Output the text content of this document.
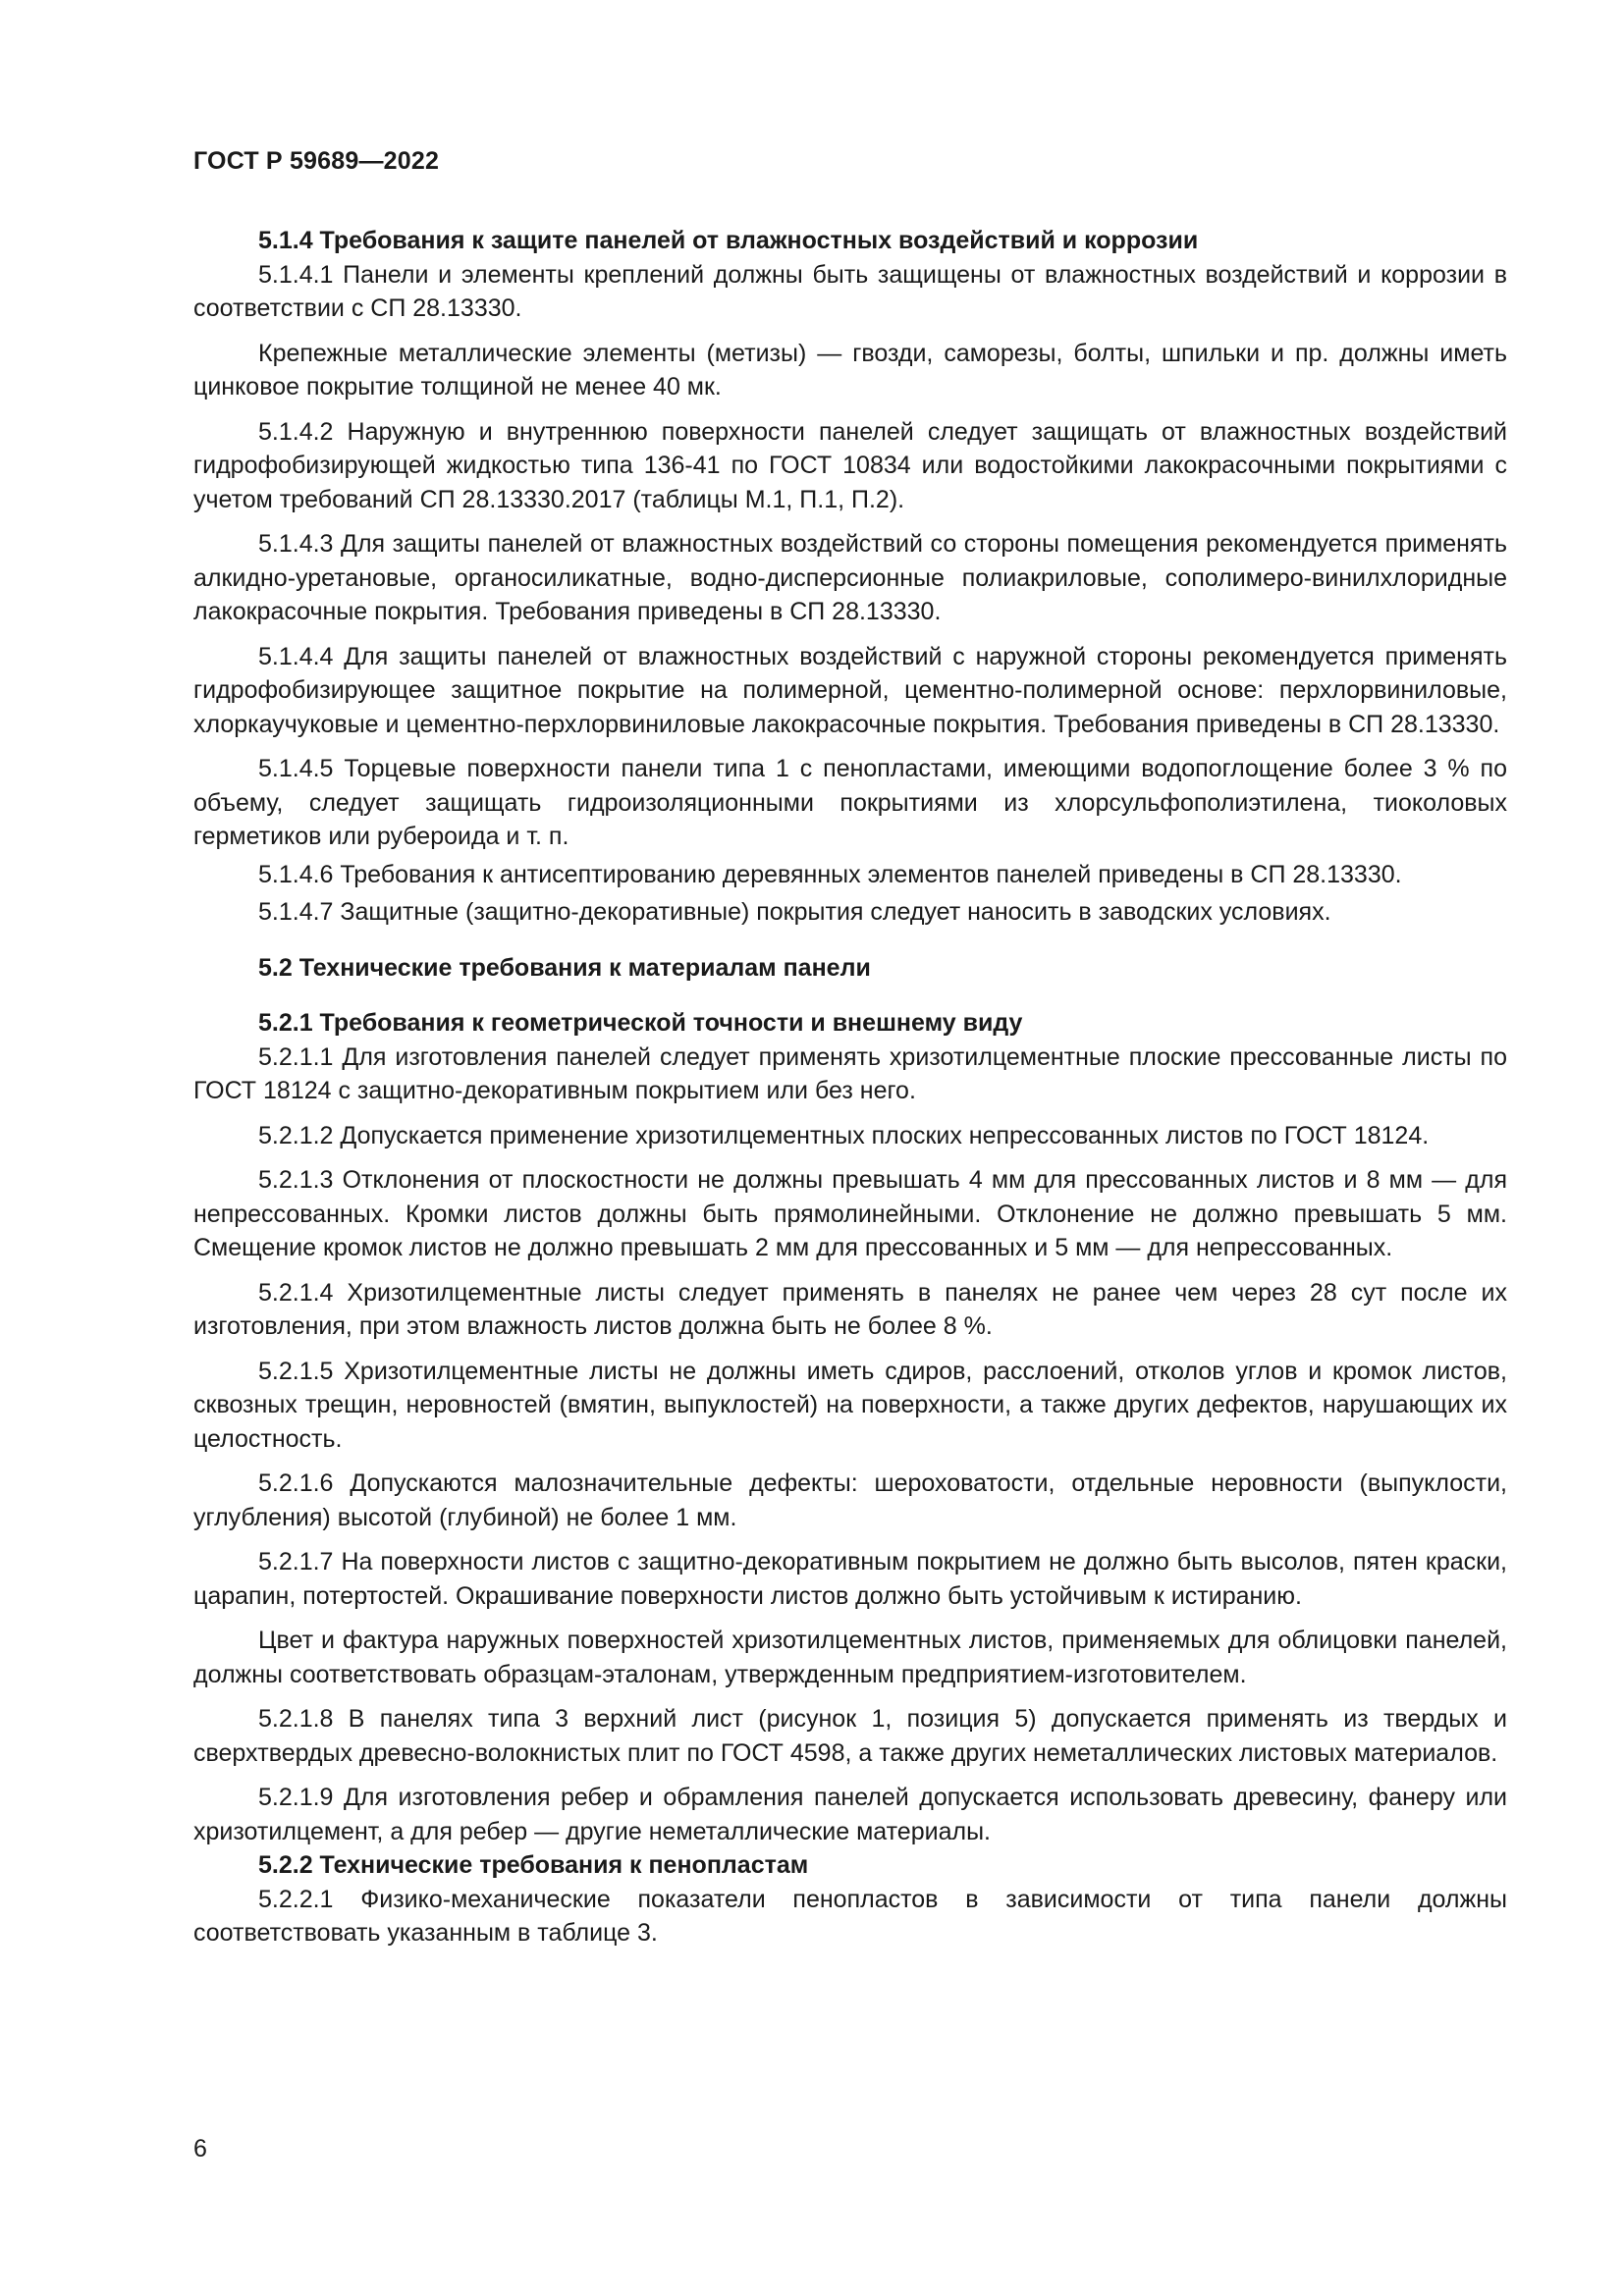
ГОСТ Р 59689—2022

5.1.4 Требования к защите панелей от влажностных воздействий и коррозии

5.1.4.1 Панели и элементы креплений должны быть защищены от влажностных воздействий и коррозии в соответствии с СП 28.13330.

Крепежные металлические элементы (метизы) — гвозди, саморезы, болты, шпильки и пр. должны иметь цинковое покрытие толщиной не менее 40 мк.

5.1.4.2 Наружную и внутреннюю поверхности панелей следует защищать от влажностных воздействий гидрофобизирующей жидкостью типа 136-41 по ГОСТ 10834 или водостойкими лакокрасочными покрытиями с учетом требований СП 28.13330.2017 (таблицы М.1, П.1, П.2).

5.1.4.3 Для защиты панелей от влажностных воздействий со стороны помещения рекомендуется применять алкидно-уретановые, органосиликатные, водно-дисперсионные полиакриловые, сополимеро-винилхлоридные лакокрасочные покрытия. Требования приведены в СП 28.13330.

5.1.4.4 Для защиты панелей от влажностных воздействий с наружной стороны рекомендуется применять гидрофобизирующее защитное покрытие на полимерной, цементно-полимерной основе: перхлорвиниловые, хлоркаучуковые и цементно-перхлорвиниловые лакокрасочные покрытия. Требования приведены в СП 28.13330.

5.1.4.5 Торцевые поверхности панели типа 1 с пенопластами, имеющими водопоглощение более 3 % по объему, следует защищать гидроизоляционными покрытиями из хлорсульфополиэтилена, тиоколовых герметиков или рубероида и т. п.

5.1.4.6 Требования к антисептированию деревянных элементов панелей приведены в СП 28.13330.

5.1.4.7 Защитные (защитно-декоративные) покрытия следует наносить в заводских условиях.

5.2 Технические требования к материалам панели

5.2.1 Требования к геометрической точности и внешнему виду

5.2.1.1 Для изготовления панелей следует применять хризотилцементные плоские прессованные листы по ГОСТ 18124 с защитно-декоративным покрытием или без него.

5.2.1.2 Допускается применение хризотилцементных плоских непрессованных листов по ГОСТ 18124.

5.2.1.3 Отклонения от плоскостности не должны превышать 4 мм для прессованных листов и 8 мм — для непрессованных. Кромки листов должны быть прямолинейными. Отклонение не должно превышать 5 мм. Смещение кромок листов не должно превышать 2 мм для прессованных и 5 мм — для непрессованных.

5.2.1.4 Хризотилцементные листы следует применять в панелях не ранее чем через 28 сут после их изготовления, при этом влажность листов должна быть не более 8 %.

5.2.1.5 Хризотилцементные листы не должны иметь сдиров, расслоений, отколов углов и кромок листов, сквозных трещин, неровностей (вмятин, выпуклостей) на поверхности, а также других дефектов, нарушающих их целостность.

5.2.1.6 Допускаются малозначительные дефекты: шероховатости, отдельные неровности (выпуклости, углубления) высотой (глубиной) не более 1 мм.

5.2.1.7 На поверхности листов с защитно-декоративным покрытием не должно быть высолов, пятен краски, царапин, потертостей. Окрашивание поверхности листов должно быть устойчивым к истиранию.

Цвет и фактура наружных поверхностей хризотилцементных листов, применяемых для облицовки панелей, должны соответствовать образцам-эталонам, утвержденным предприятием-изготовителем.

5.2.1.8 В панелях типа 3 верхний лист (рисунок 1, позиция 5) допускается применять из твердых и сверхтвердых древесно-волокнистых плит по ГОСТ 4598, а также других неметаллических листовых материалов.

5.2.1.9 Для изготовления ребер и обрамления панелей допускается использовать древесину, фанеру или хризотилцемент, а для ребер — другие неметаллические материалы.

5.2.2 Технические требования к пенопластам

5.2.2.1 Физико-механические показатели пенопластов в зависимости от типа панели должны соответствовать указанным в таблице 3.

6
